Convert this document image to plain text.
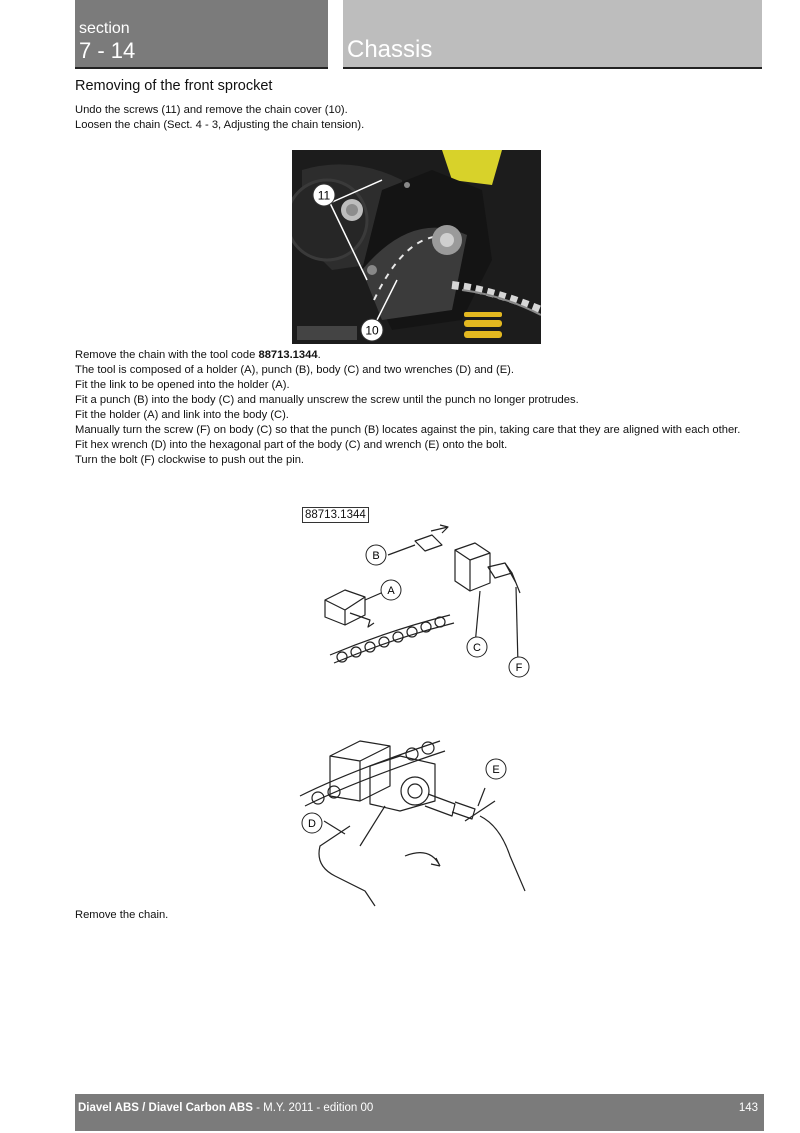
section
7 - 14	Chassis
Removing of the front sprocket

Undo the screws (11) and remove the chain cover (10).

Loosen the chain (Sect. 4 - 3, Adjusting the chain tension).

11
10

Remove the chain with the tool code 88713.1344.

The tool is composed of a holder (A), punch (B), body (C) and two wrenches (D) and (E).

Fit the link to be opened into the holder (A).

Fit a punch (B) into the body (C) and manually unscrew the screw until the punch no longer protrudes.

Fit the holder (A) and link into the body (C).

Manually turn the screw (F) on body (C) so that the punch (B) locates against the pin, taking care that they are aligned with each other.

Fit hex wrench (D) into the hexagonal part of the body (C) and wrench (E) onto the bolt.

Turn the bolt (F) clockwise to push out the pin.

B
A
C
F
88713.1344
E
D

Remove the chain.

Diavel ABS / Diavel Carbon ABS - M.Y. 2011 - edition 00	143
